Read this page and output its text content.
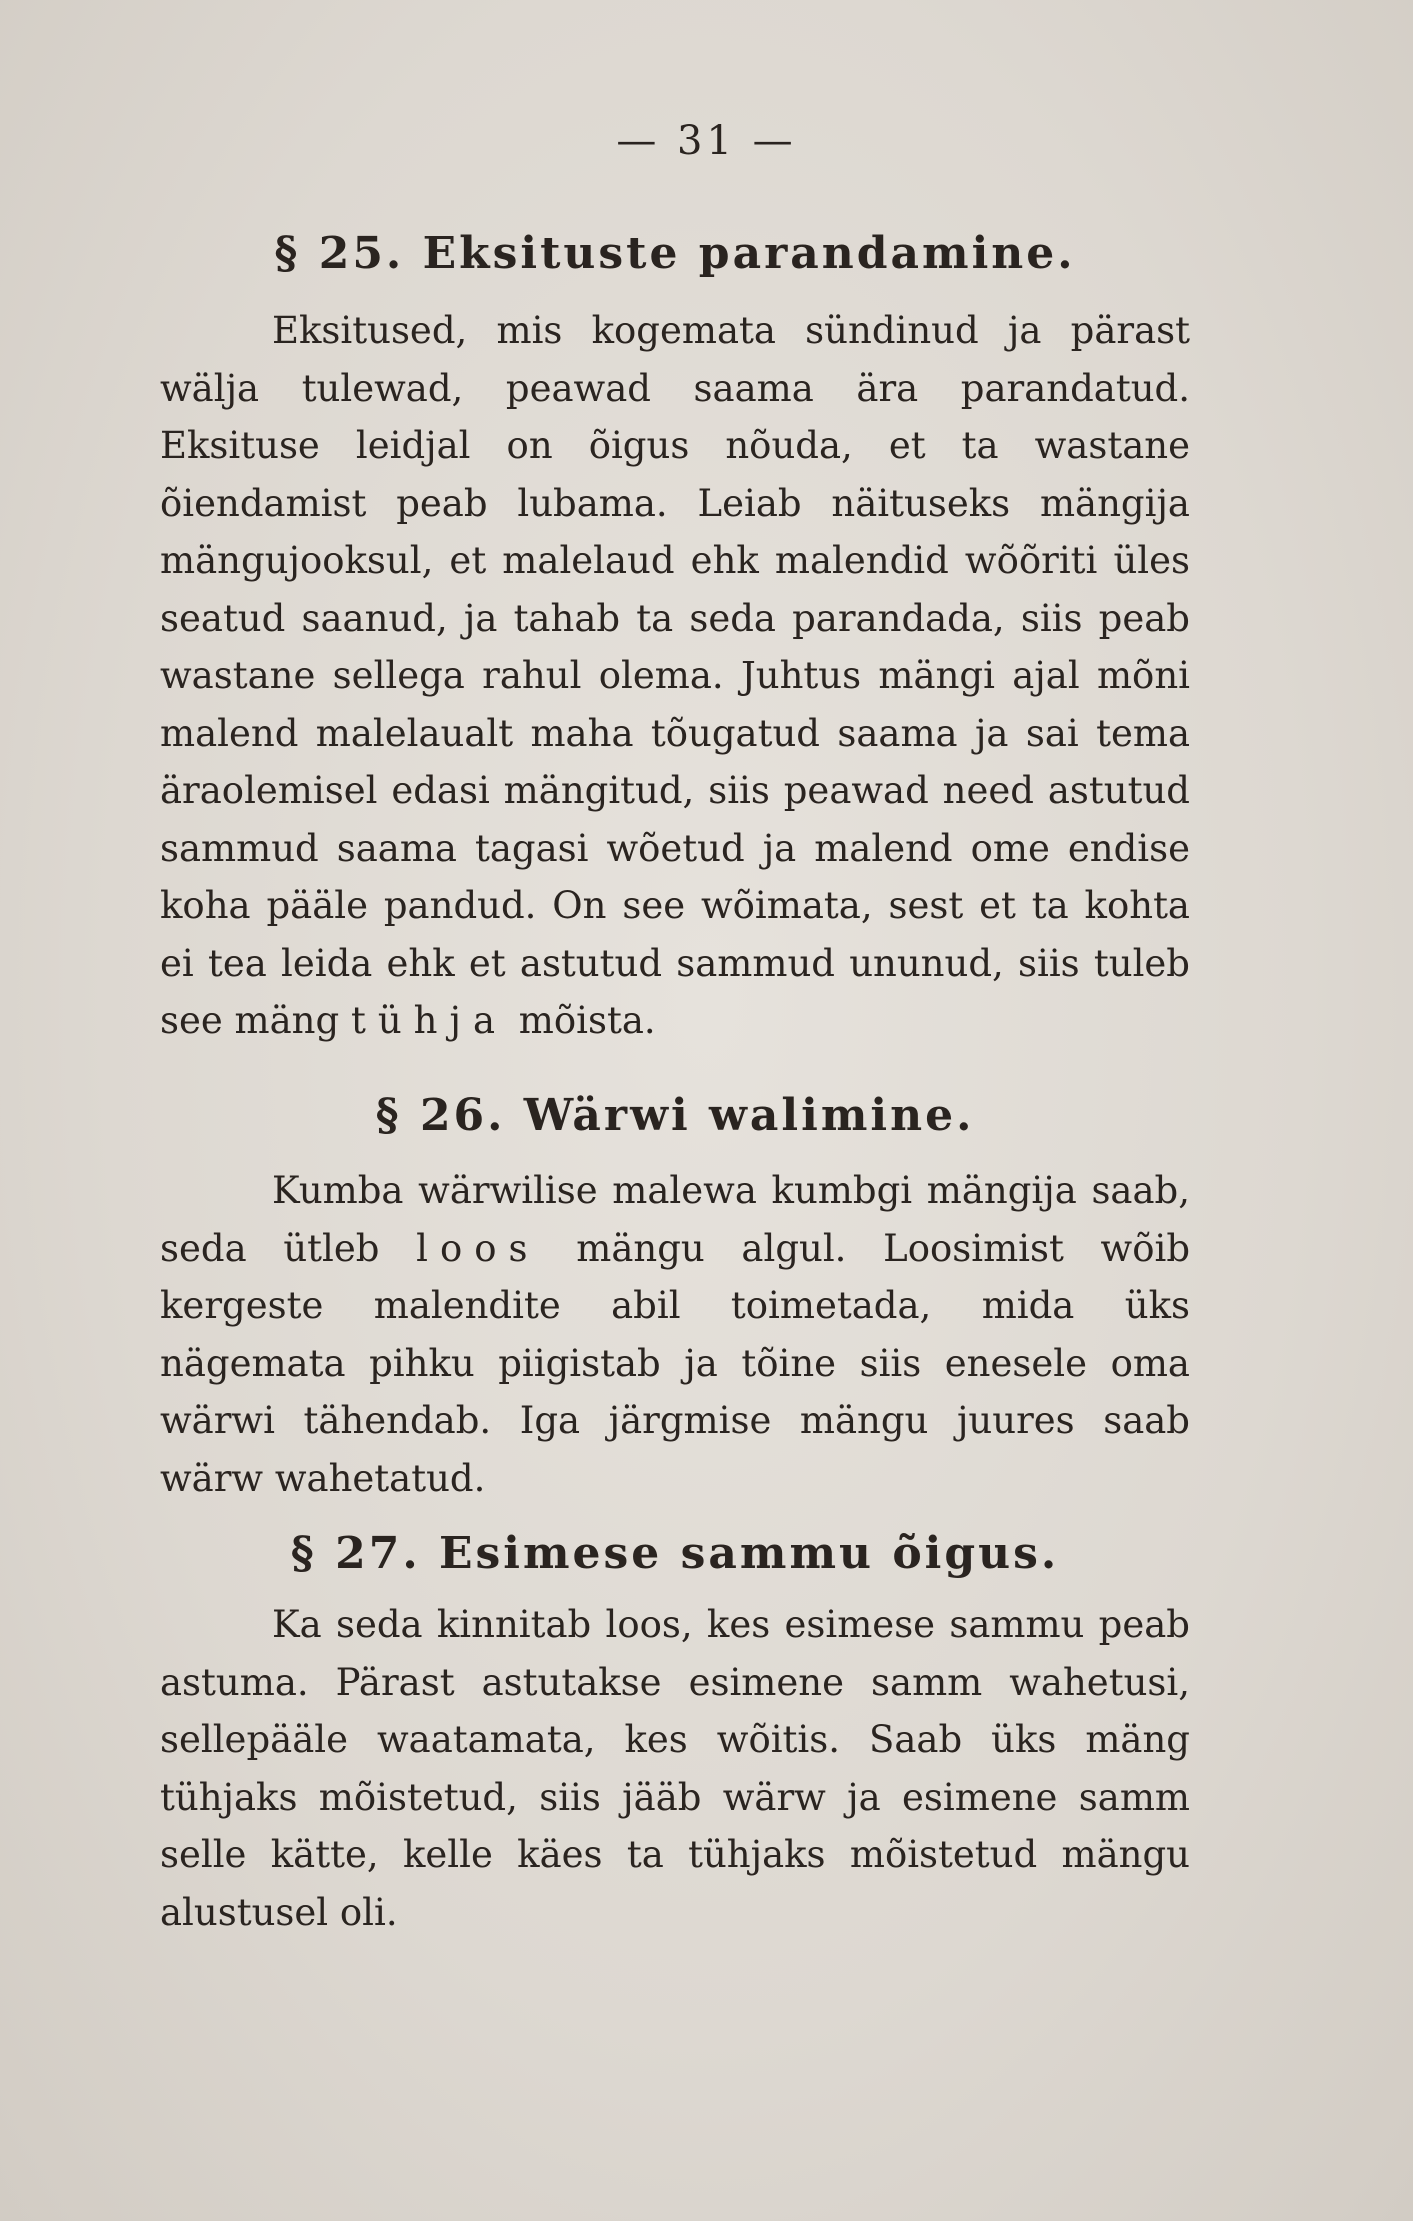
— 31 —
§ 25. Eksituste parandamine.

Eksitused, mis kogemata sündinud ja pärast wälja tulewad, peawad saama ära parandatud. Eksituse leidjal on õigus nõuda, et ta wastane õiendamist peab lubama. Leiab näituseks mängija mängujooksul, et malelaud ehk malendid wõõriti üles seatud saanud, ja tahab ta seda parandada, siis peab wastane sellega rahul olema. Juhtus mängi ajal mõni malend malelaualt maha tõugatud saama ja sai tema äraolemisel edasi mängitud, siis peawad need astutud sammud saama tagasi wõetud ja malend ome endise koha pääle pandud. On see wõimata, sest et ta kohta ei tea leida ehk et astutud sammud ununud, siis tuleb see mäng tühja mõista.

§ 26. Wärwi walimine.

Kumba wärwilise malewa kumbgi mängija saab, seda ütleb loos mängu algul. Loosimist wõib kergeste malendite abil toimetada, mida üks nägemata pihku piigistab ja tõine siis enesele oma wärwi tähendab. Iga järgmise mängu juures saab wärw wahetatud.

§ 27. Esimese sammu õigus.

Ka seda kinnitab loos, kes esimese sammu peab astuma. Pärast astutakse esimene samm wahetusi, sellepääle waatamata, kes wõitis. Saab üks mäng tühjaks mõistetud, siis jääb wärw ja esimene samm selle kätte, kelle käes ta tühjaks mõistetud mängu alustusel oli.
